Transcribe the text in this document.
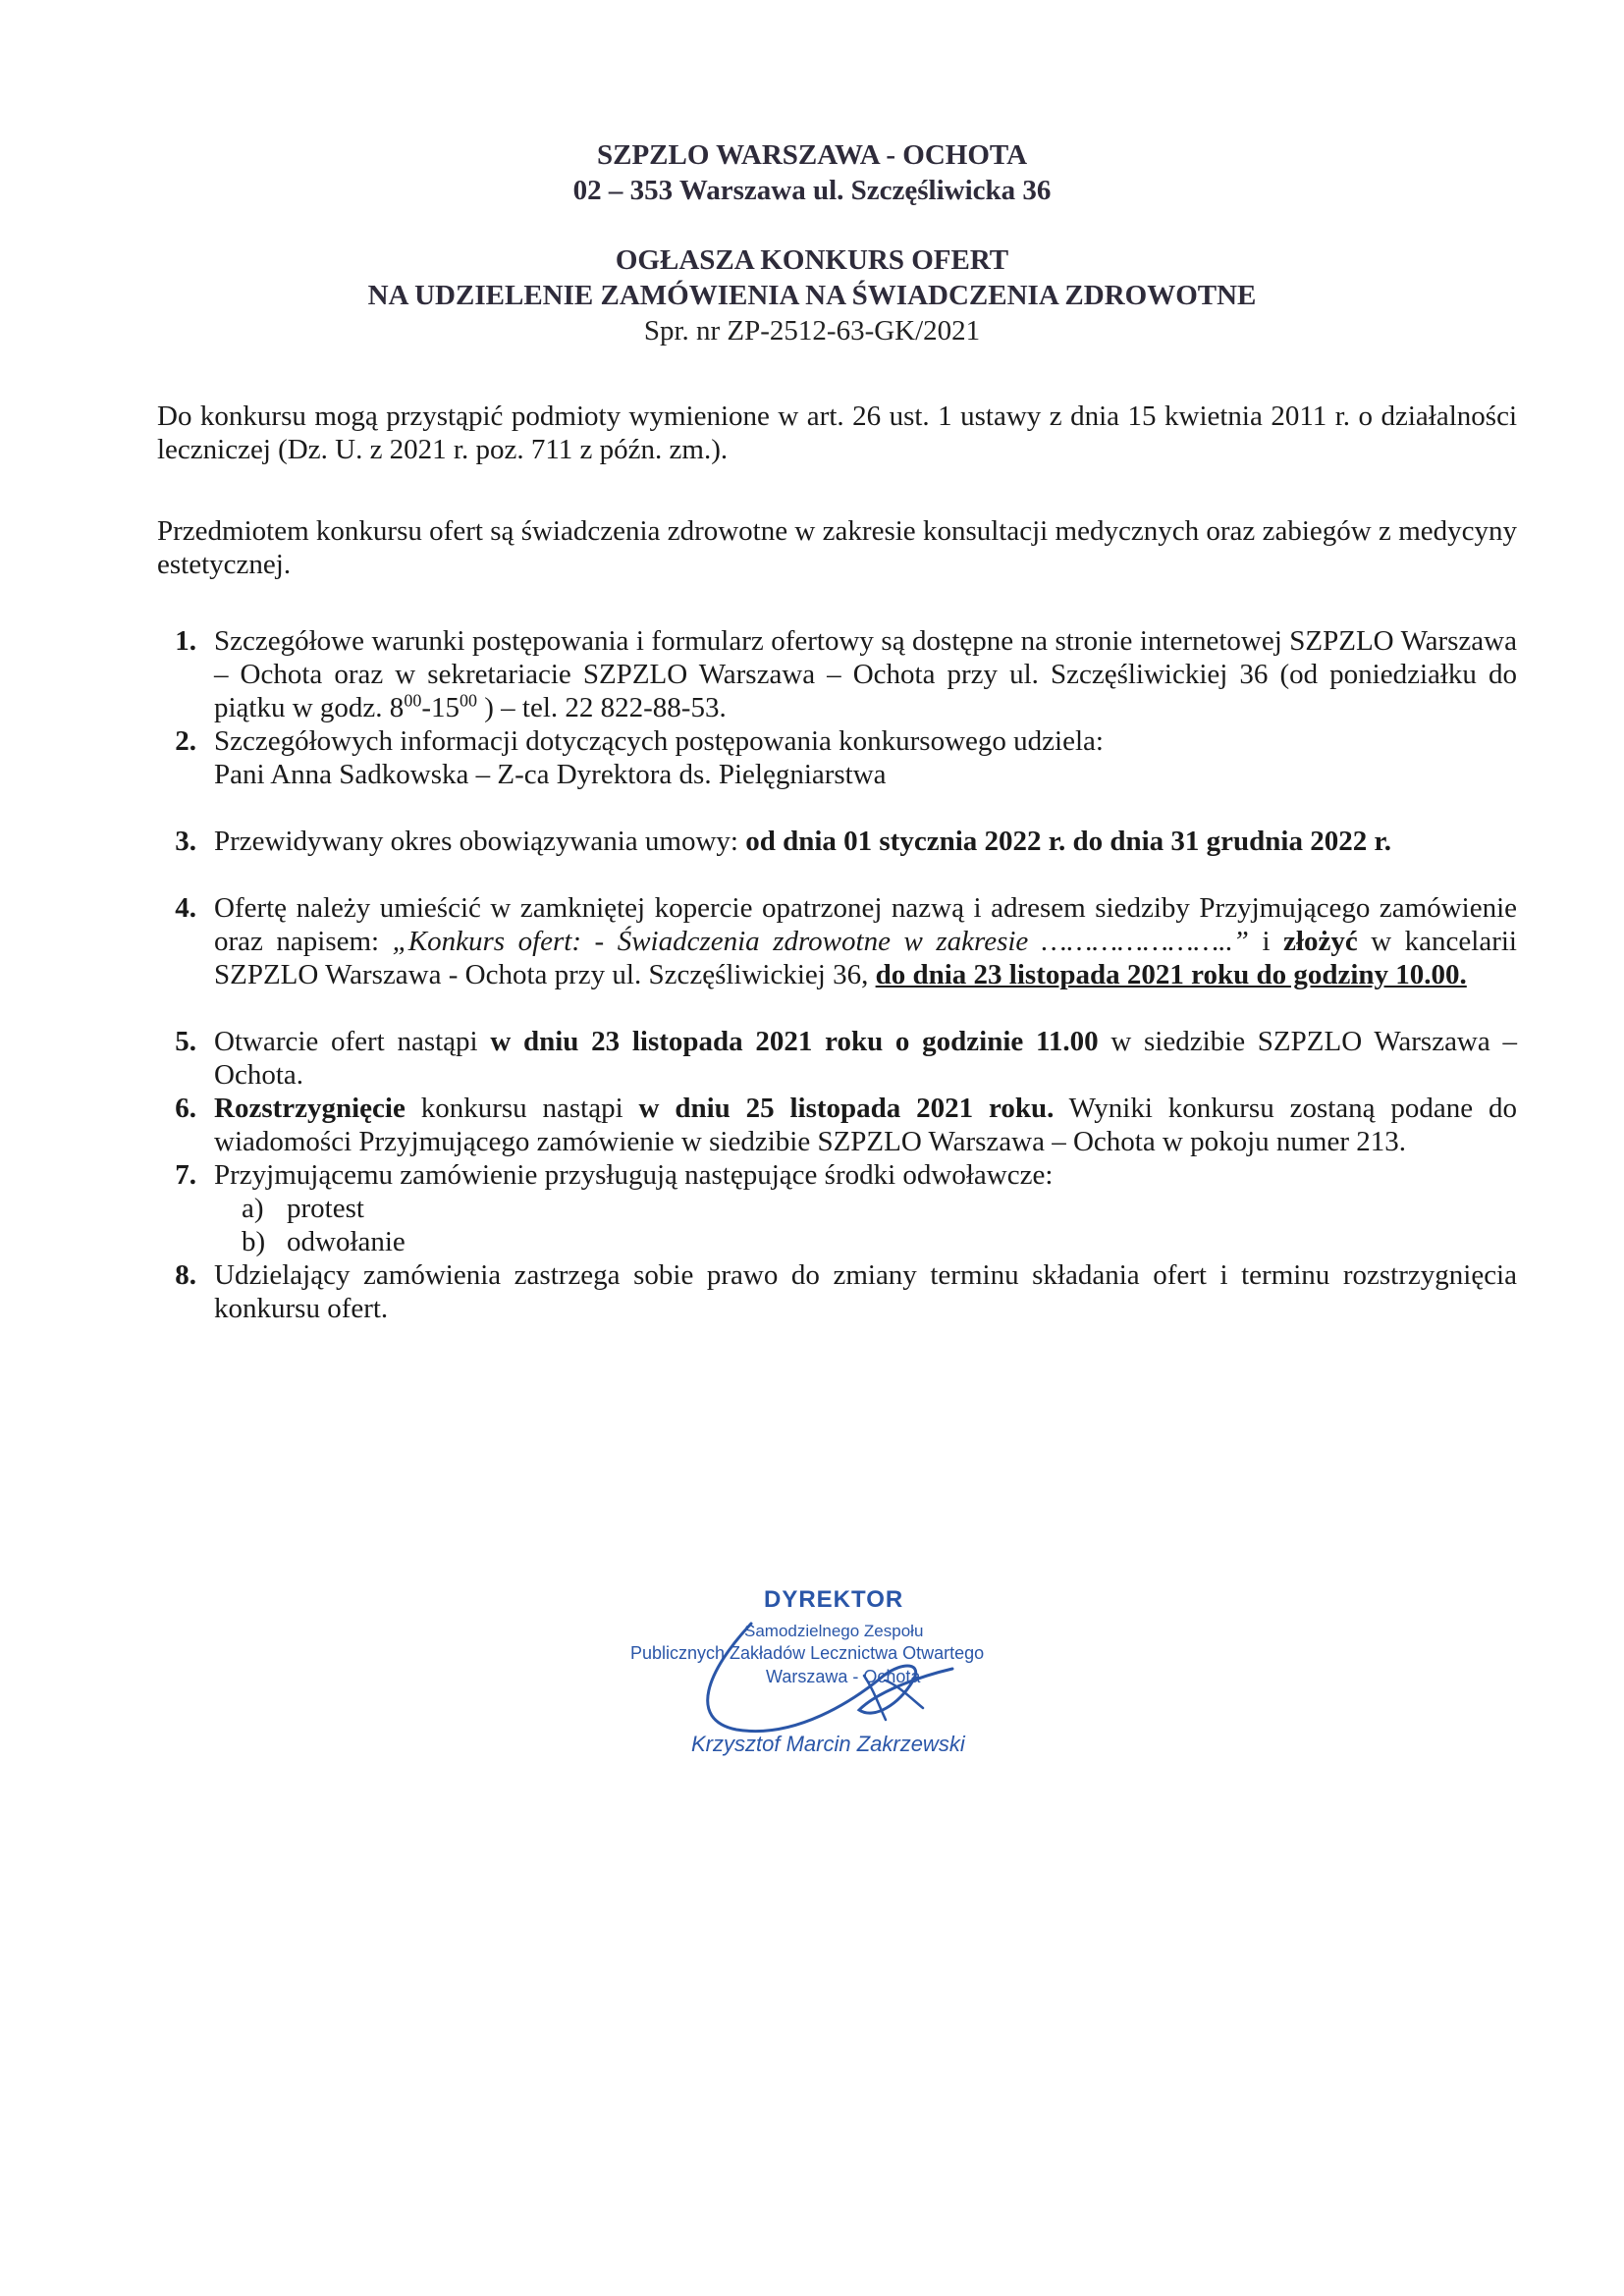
SZPZLO WARSZAWA - OCHOTA
02 – 353 Warszawa ul. Szczęśliwicka 36
OGŁASZA KONKURS OFERT
NA UDZIELENIE ZAMÓWIENIA NA ŚWIADCZENIA ZDROWOTNE
Spr. nr ZP-2512-63-GK/2021
Do konkursu mogą przystąpić podmioty wymienione w art. 26 ust. 1 ustawy z dnia 15 kwietnia 2011 r. o działalności leczniczej (Dz. U. z 2021 r. poz. 711 z późn. zm.).
Przedmiotem konkursu ofert są świadczenia zdrowotne w zakresie konsultacji medycznych oraz zabiegów z medycyny estetycznej.
1. Szczegółowe warunki postępowania i formularz ofertowy są dostępne na stronie internetowej SZPZLO Warszawa – Ochota oraz w sekretariacie SZPZLO Warszawa – Ochota przy ul. Szczęśliwickiej 36 (od poniedziałku do piątku w godz. $8^{00}-15^{00}$ ) – tel. 22 822-88-53.
2. Szczegółowych informacji dotyczących postępowania konkursowego udziela:
Pani Anna Sadkowska – Z-ca Dyrektora ds. Pielęgniarstwa
3. Przewidywany okres obowiązywania umowy: od dnia 01 stycznia 2022 r. do dnia 31 grudnia 2022 r.
4. Ofertę należy umieścić w zamkniętej kopercie opatrzonej nazwą i adresem siedziby Przyjmującego zamówienie oraz napisem: „Konkurs ofert: - Świadczenia zdrowotne w zakresie …………………..” i złożyć w kancelarii SZPZLO Warszawa - Ochota przy ul. Szczęśliwickiej 36, do dnia 23 listopada 2021 roku do godziny 10.00.
5. Otwarcie ofert nastąpi w dniu 23 listopada 2021 roku o godzinie 11.00 w siedzibie SZPZLO Warszawa – Ochota.
6. Rozstrzygnięcie konkursu nastąpi w dniu 25 listopada 2021 roku. Wyniki konkursu zostaną podane do wiadomości Przyjmującego zamówienie w siedzibie SZPZLO Warszawa – Ochota w pokoju numer 213.
7. Przyjmującemu zamówienie przysługują następujące środki odwoławcze:
a) protest
b) odwołanie
8. Udzielający zamówienia zastrzega sobie prawo do zmiany terminu składania ofert i terminu rozstrzygnięcia konkursu ofert.
DYREKTOR
Samodzielnego Zespołu
Publicznych Zakładów Lecznictwa Otwartego
Warszawa - Ochota
Krzysztof Marcin Zakrzewski
